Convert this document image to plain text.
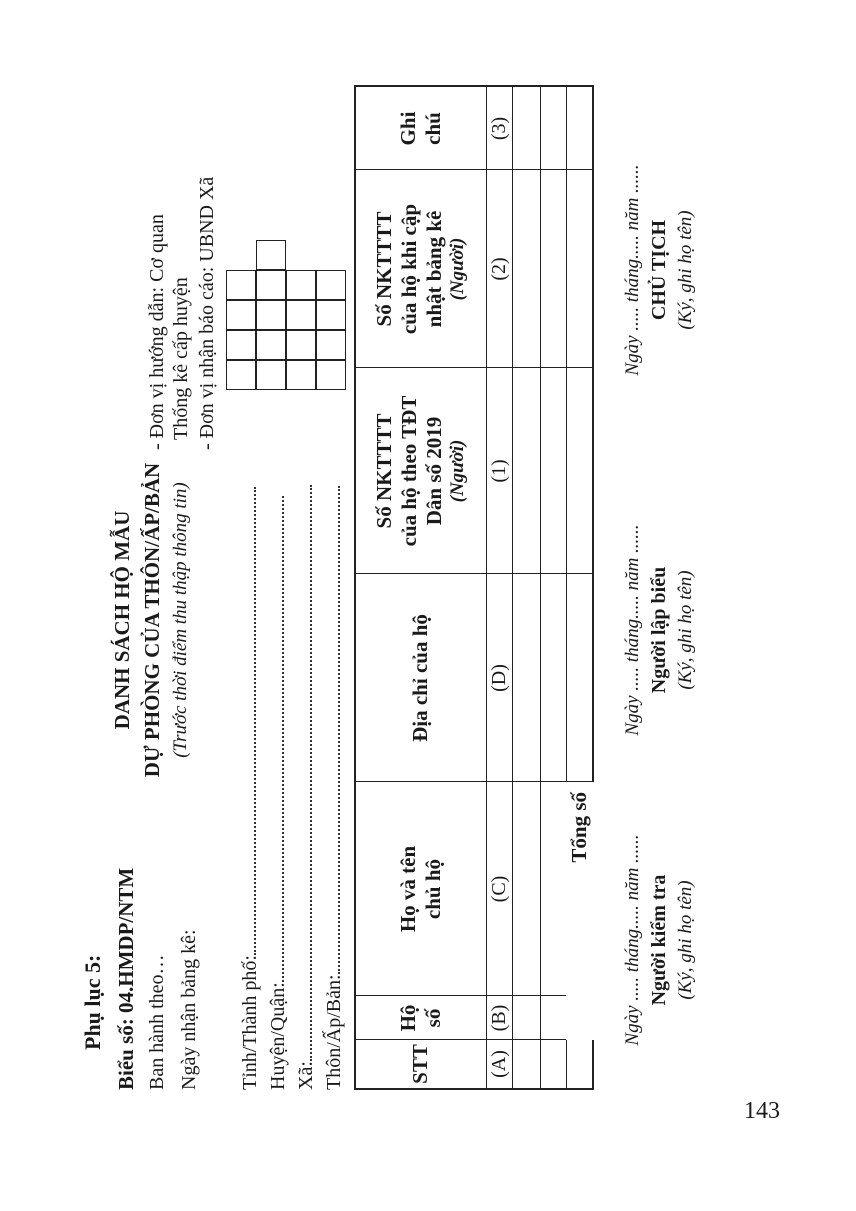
Phụ lục 5: Biểu số: 04.HMDP/NTM Ban hành theo… Ngày nhận bảng kê:
DANH SÁCH HỘ MẪU DỰ PHÒNG CỦA THÔN/ẤP/BẢN (Trước thời điểm thu thập thông tin)
- Đơn vị hướng dẫn: Cơ quan Thống kê cấp huyện - Đơn vị nhận báo cáo: UBND Xã
Tỉnh/Thành phố: Huyện/Quận: Xã: Thôn/Ấp/Bản:	STT
Hộ số
Họ và tên chủ hộ
Địa chỉ của hộ
Số NKTTTT của hộ theo TĐT Dân số 2019 (Người)
Số NKTTTT của hộ khi cập nhật bảng kê (Người)
Ghi chú
(A)
(B)
(C)
(D)
(1)
(2)
(3)
Tổng số
Ngày ..... tháng..... năm ...... Người kiểm tra (Ký, ghi họ tên)
Ngày ..... tháng..... năm ...... Người lập biểu (Ký, ghi họ tên)
Ngày ..... tháng..... năm ...... CHỦ TỊCH (Ký, ghi họ tên)
143
